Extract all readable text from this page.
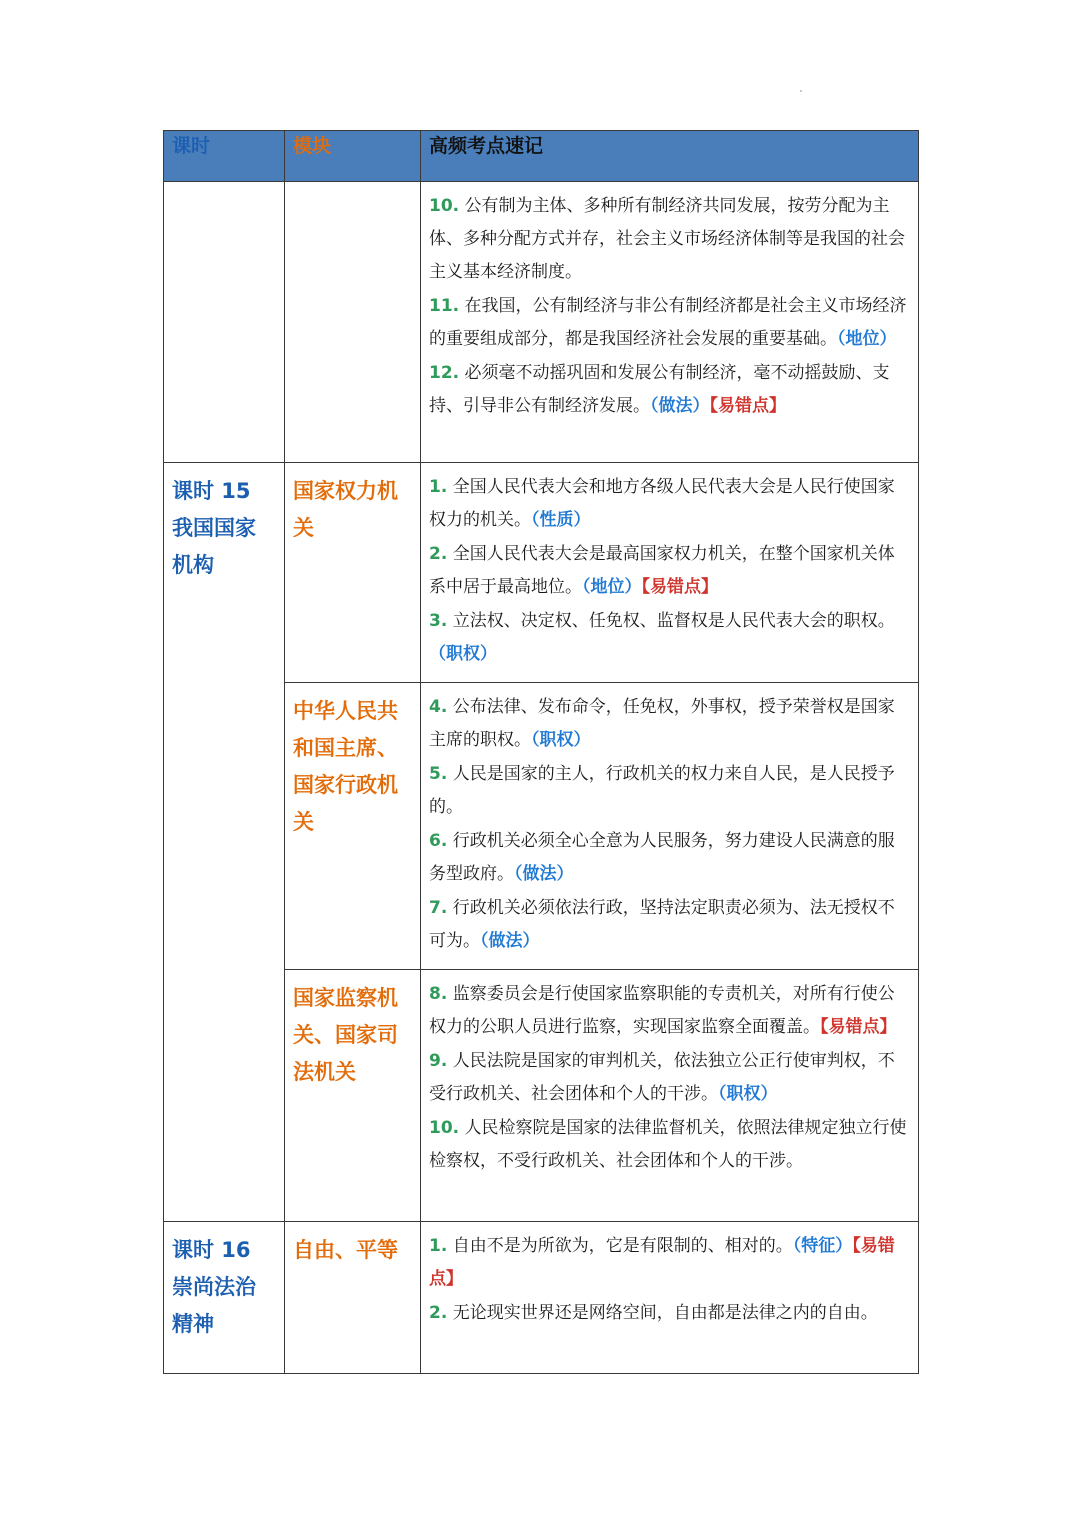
课时	模块	高频考点速记

		10. 公有制为主体、多种所有制经济共同发展，按劳分配为主体、多种分配方式并存，社会主义市场经济体制等是我国的社会主义基本经济制度。
11. 在我国，公有制经济与非公有制经济都是社会主义市场经济的重要组成部分，都是我国经济社会发展的重要基础。（地位）
12. 必须毫不动摇巩固和发展公有制经济，毫不动摇鼓励、支持、引导非公有制经济发展。（做法）【易错点】

课时 15 我国国家机构	国家权力机关	1. 全国人民代表大会和地方各级人民代表大会是人民行使国家权力的机关。（性质）
2. 全国人民代表大会是最高国家权力机关，在整个国家机关体系中居于最高地位。（地位）【易错点】
3. 立法权、决定权、任免权、监督权是人民代表大会的职权。（职权）

	中华人民共和国主席、国家行政机关	4. 公布法律、发布命令，任免权，外事权，授予荣誉权是国家主席的职权。（职权）
5. 人民是国家的主人，行政机关的权力来自人民，是人民授予的。
6. 行政机关必须全心全意为人民服务，努力建设人民满意的服务型政府。（做法）
7. 行政机关必须依法行政，坚持法定职责必须为、法无授权不可为。（做法）

	国家监察机关、国家司法机关	8. 监察委员会是行使国家监察职能的专责机关，对所有行使公权力的公职人员进行监察，实现国家监察全面覆盖。【易错点】
9. 人民法院是国家的审判机关，依法独立公正行使审判权，不受行政机关、社会团体和个人的干涉。（职权）
10. 人民检察院是国家的法律监督机关，依照法律规定独立行使检察权，不受行政机关、社会团体和个人的干涉。

课时 16 崇尚法治精神	自由、平等	1. 自由不是为所欲为，它是有限制的、相对的。（特征）【易错点】
2. 无论现实世界还是网络空间，自由都是法律之内的自由。
